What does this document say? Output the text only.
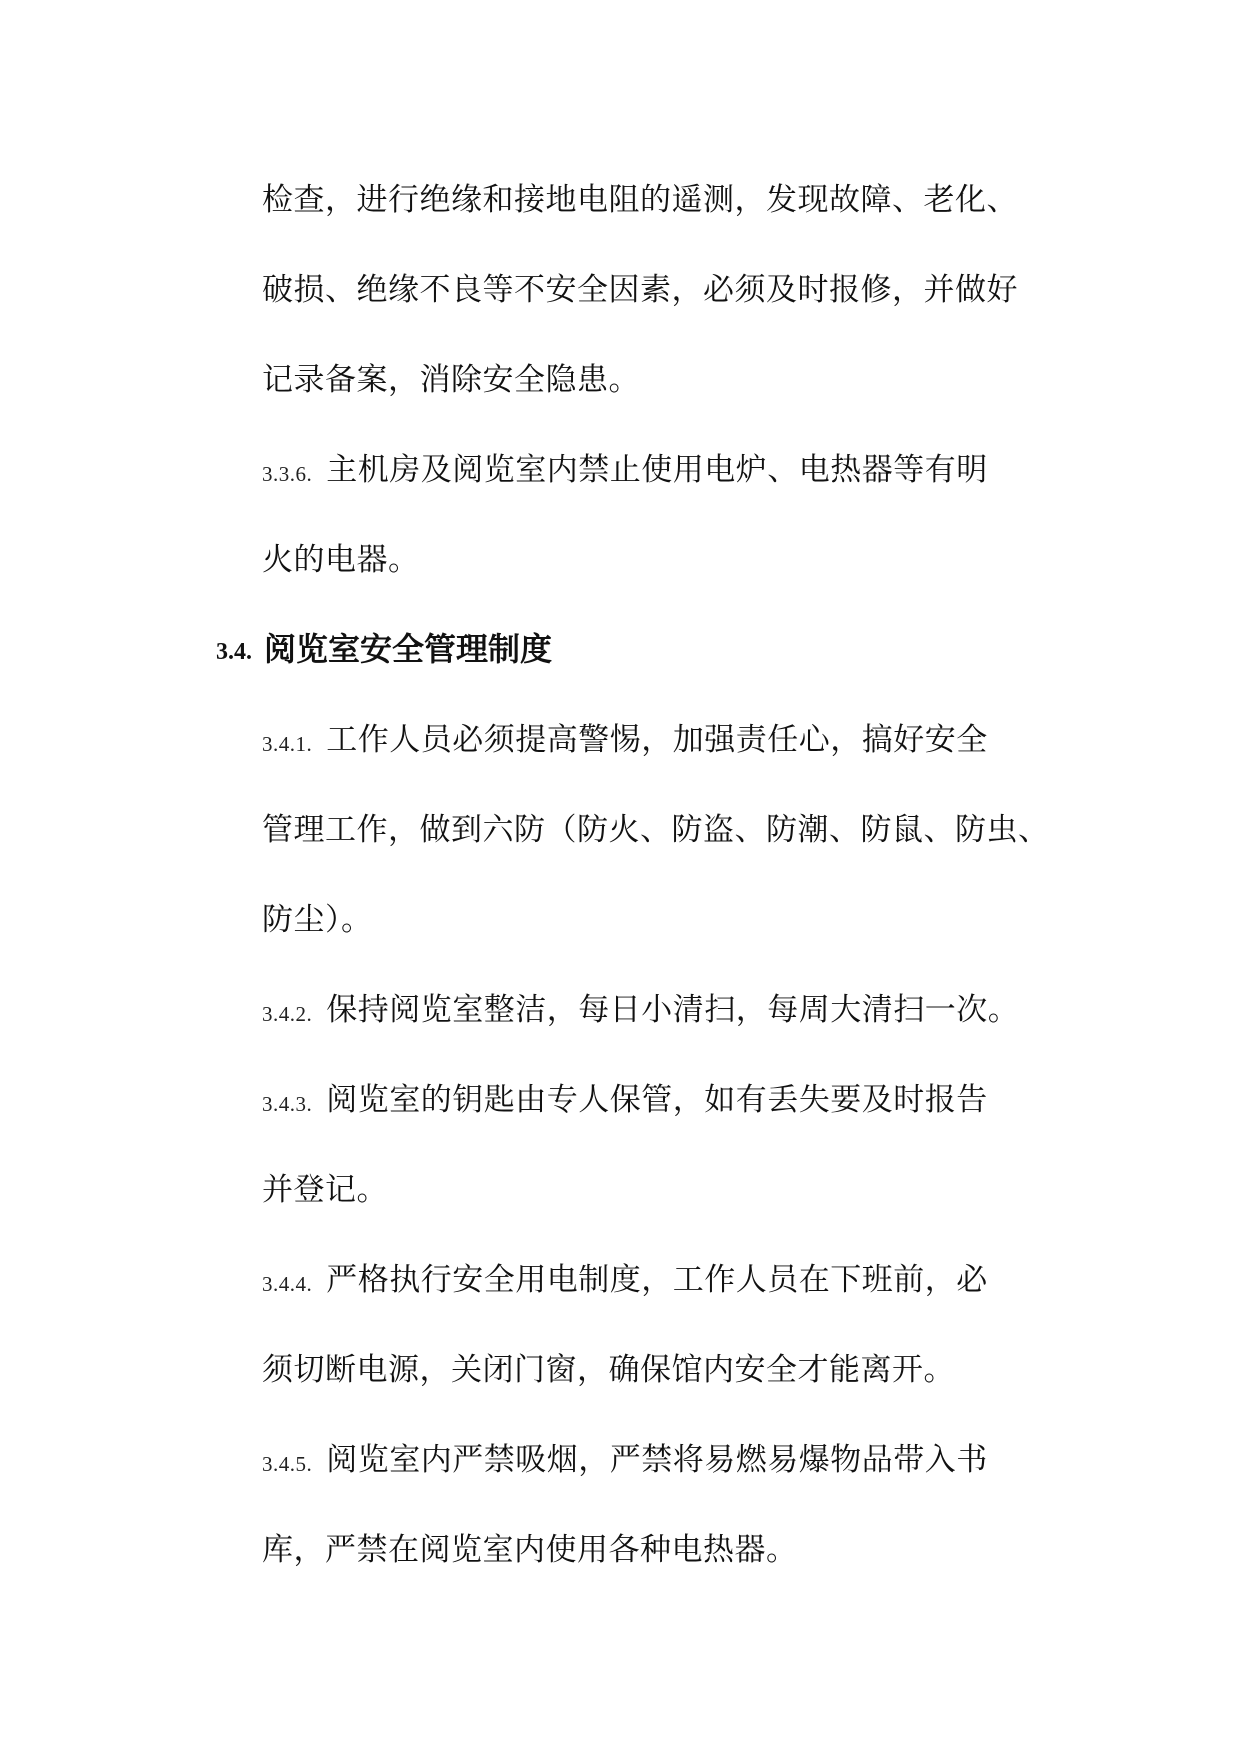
检查，进行绝缘和接地电阻的遥测，发现故障、老化、
破损、绝缘不良等不安全因素，必须及时报修，并做好
记录备案，消除安全隐患。
3.3.6. 主机房及阅览室内禁止使用电炉、电热器等有明
火的电器。
3.4. 阅览室安全管理制度
3.4.1. 工作人员必须提高警惕，加强责任心，搞好安全
管理工作，做到六防（防火、防盗、防潮、防鼠、防虫、
防尘）。
3.4.2. 保持阅览室整洁，每日小清扫，每周大清扫一次。
3.4.3. 阅览室的钥匙由专人保管，如有丢失要及时报告
并登记。
3.4.4. 严格执行安全用电制度，工作人员在下班前，必
须切断电源，关闭门窗，确保馆内安全才能离开。
3.4.5. 阅览室内严禁吸烟，严禁将易燃易爆物品带入书
库，严禁在阅览室内使用各种电热器。
